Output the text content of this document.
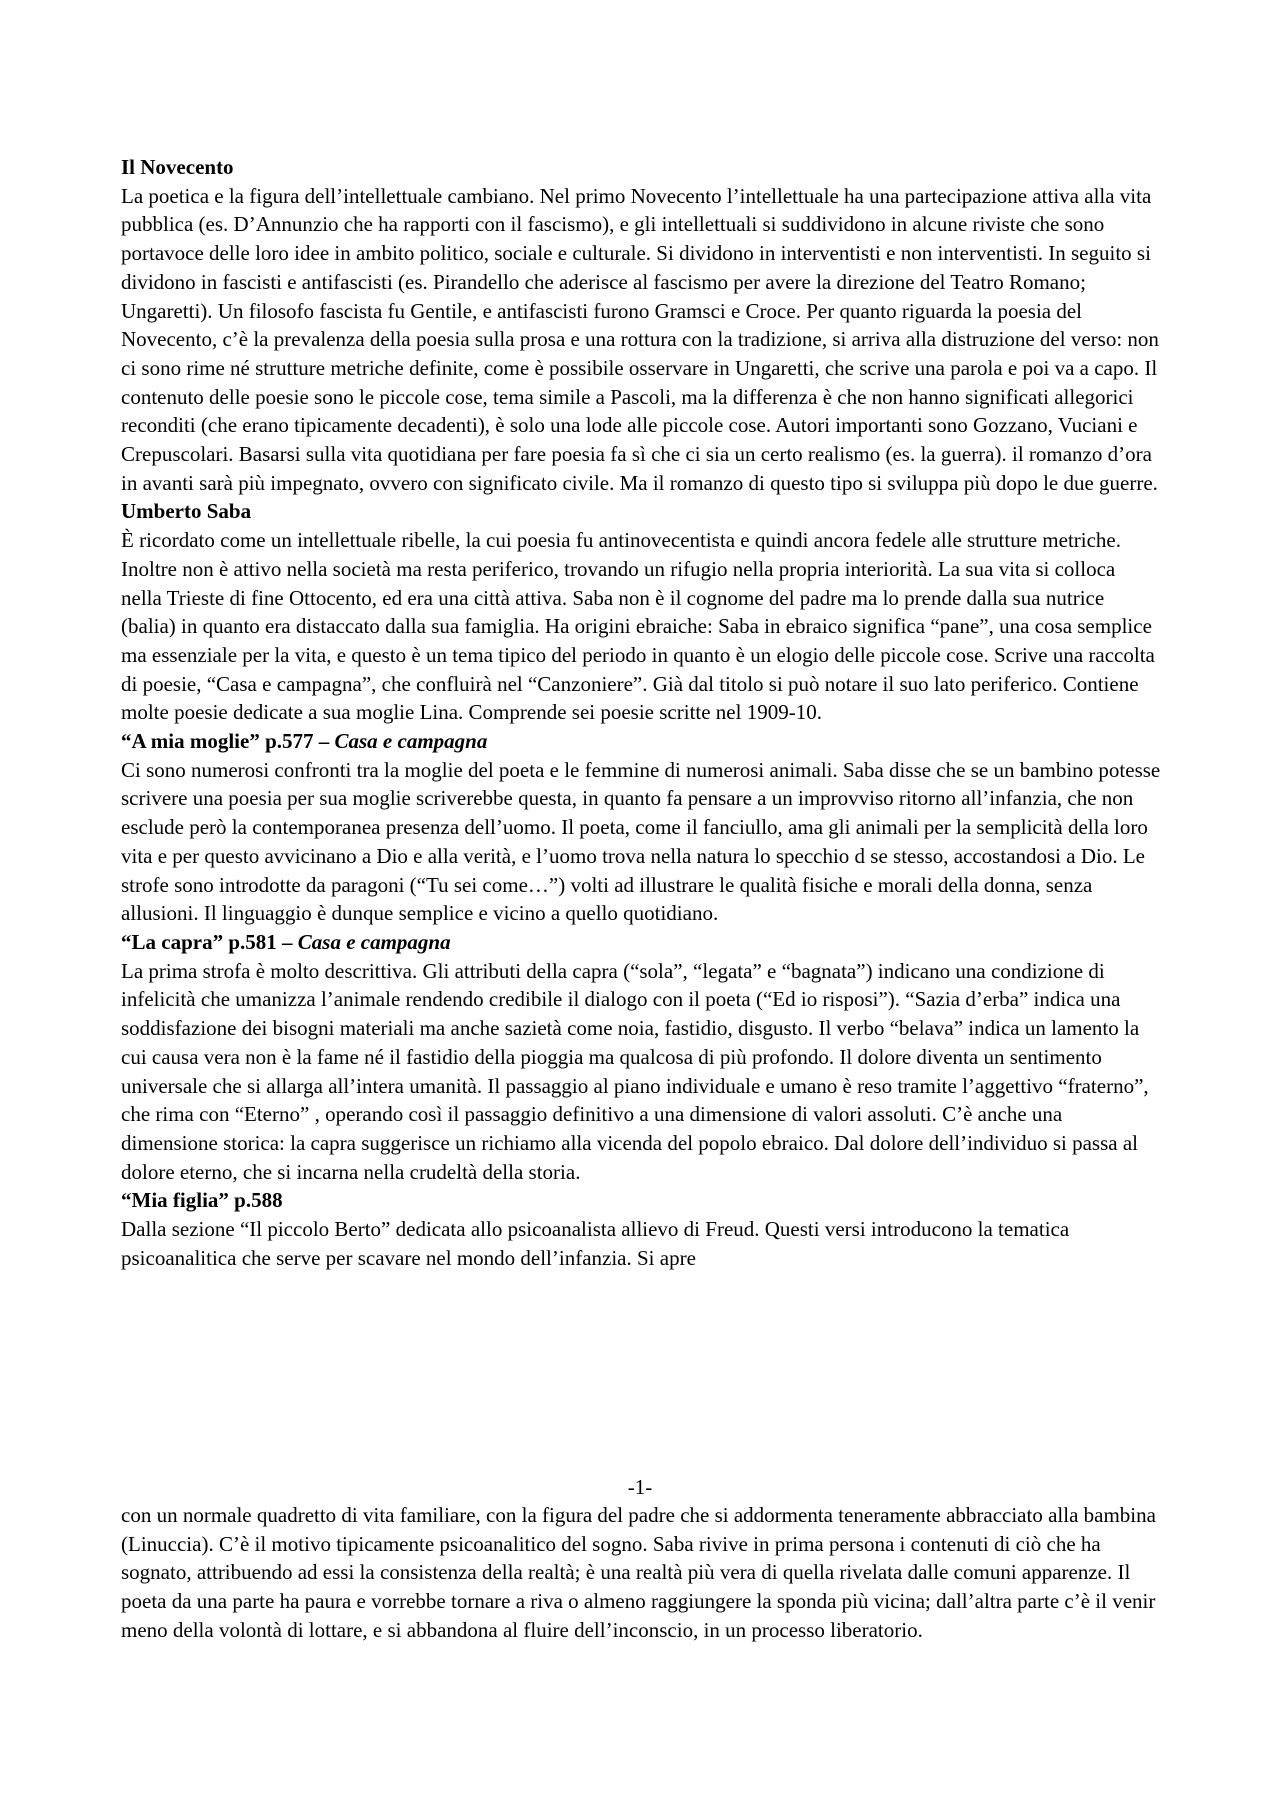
Il Novecento

La poetica e la figura dell’intellettuale cambiano. Nel primo Novecento l’intellettuale ha una partecipazione attiva alla vita pubblica (es. D’Annunzio che ha rapporti con il fascismo), e gli intellettuali si suddividono in alcune riviste che sono portavoce delle loro idee in ambito politico, sociale e culturale. Si dividono in interventisti e non interventisti. In seguito si dividono in fascisti e antifascisti (es. Pirandello che aderisce al fascismo per avere la direzione del Teatro Romano; Ungaretti). Un filosofo fascista fu Gentile, e antifascisti furono Gramsci e Croce. Per quanto riguarda la poesia del Novecento, c’è la prevalenza della poesia sulla prosa e una rottura con la tradizione, si arriva alla distruzione del verso: non ci sono rime né strutture metriche definite, come è possibile osservare in Ungaretti, che scrive una parola e poi va a capo. Il contenuto delle poesie sono le piccole cose, tema simile a Pascoli, ma la differenza è che non hanno significati allegorici reconditi (che erano tipicamente decadenti), è solo una lode alle piccole cose. Autori importanti sono Gozzano, Vuciani e Crepuscolari. Basarsi sulla vita quotidiana per fare poesia fa sì che ci sia un certo realismo (es. la guerra). il romanzo d’ora in avanti sarà più impegnato, ovvero con significato civile. Ma il romanzo di questo tipo si sviluppa più dopo le due guerre.

Umberto Saba

È ricordato come un intellettuale ribelle, la cui poesia fu antinovecentista e quindi ancora fedele alle strutture metriche. Inoltre non è attivo nella società ma resta periferico, trovando un rifugio nella propria interiorità. La sua vita si colloca nella Trieste di fine Ottocento, ed era una città attiva. Saba non è il cognome del padre ma lo prende dalla sua nutrice (balia) in quanto era distaccato dalla sua famiglia. Ha origini ebraiche: Saba in ebraico significa “pane”, una cosa semplice ma essenziale per la vita, e questo è un tema tipico del periodo in quanto è un elogio delle piccole cose. Scrive una raccolta di poesie, “Casa e campagna”, che confluirà nel “Canzoniere”. Già dal titolo si può notare il suo lato periferico. Contiene molte poesie dedicate a sua moglie Lina. Comprende sei poesie scritte nel 1909-10.

“A mia moglie” p.577 – Casa e campagna

Ci sono numerosi confronti tra la moglie del poeta e le femmine di numerosi animali. Saba disse che se un bambino potesse scrivere una poesia per sua moglie scriverebbe questa, in quanto fa pensare a un improvviso ritorno all’infanzia, che non esclude però la contemporanea presenza dell’uomo. Il poeta, come il fanciullo, ama gli animali per la semplicità della loro vita e per questo avvicinano a Dio e alla verità, e l’uomo trova nella natura lo specchio d se stesso, accostandosi a Dio. Le strofe sono introdotte da paragoni (“Tu sei come…”) volti ad illustrare le qualità fisiche e morali della donna, senza allusioni. Il linguaggio è dunque semplice e vicino a quello quotidiano.

“La capra” p.581 – Casa e campagna

La prima strofa è molto descrittiva. Gli attributi della capra (“sola”, “legata” e “bagnata”) indicano una condizione di infelicità che umanizza l’animale rendendo credibile il dialogo con il poeta (“Ed io risposi”). “Sazia d’erba” indica una soddisfazione dei bisogni materiali ma anche sazietà come noia, fastidio, disgusto. Il verbo “belava” indica un lamento la cui causa vera non è la fame né il fastidio della pioggia ma qualcosa di più profondo. Il dolore diventa un sentimento universale che si allarga all’intera umanità. Il passaggio al piano individuale e umano è reso tramite l’aggettivo “fraterno”, che rima con “Eterno” , operando così il passaggio definitivo a una dimensione di valori assoluti. C’è anche una dimensione storica: la capra suggerisce un richiamo alla vicenda del popolo ebraico. Dal dolore dell’individuo si passa al dolore eterno, che si incarna nella crudeltà della storia.

“Mia figlia” p.588

Dalla sezione “Il piccolo Berto” dedicata allo psicoanalista allievo di Freud. Questi versi introducono la tematica psicoanalitica che serve per scavare nel mondo dell’infanzia. Si apre

-1-

con un normale quadretto di vita familiare, con la figura del padre che si addormenta teneramente abbracciato alla bambina (Linuccia). C’è il motivo tipicamente psicoanalitico del sogno. Saba rivive in prima persona i contenuti di ciò che ha sognato, attribuendo ad essi la consistenza della realtà; è una realtà più vera di quella rivelata dalle comuni apparenze. Il poeta da una parte ha paura e vorrebbe tornare a riva o almeno raggiungere la sponda più vicina; dall’altra parte c’è il venir meno della volontà di lottare, e si abbandona al fluire dell’inconscio, in un processo liberatorio.
